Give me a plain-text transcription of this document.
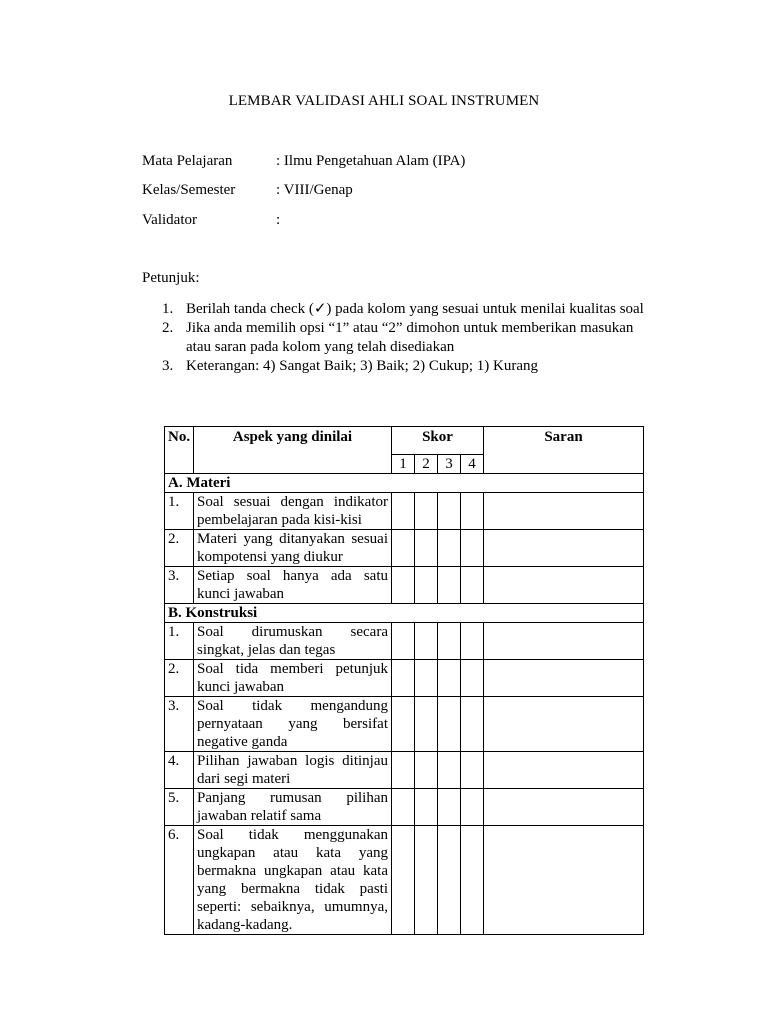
LEMBAR VALIDASI AHLI SOAL INSTRUMEN
Mata Pelajaran	: Ilmu Pengetahuan Alam (IPA)
Kelas/Semester	: VIII/Genap
Validator	:
Petunjuk:
1. Berilah tanda check (✓) pada kolom yang sesuai untuk menilai kualitas soal
2. Jika anda memilih opsi “1” atau “2” dimohon untuk memberikan masukan atau saran pada kolom yang telah disediakan
3. Keterangan: 4) Sangat Baik; 3) Baik; 2) Cukup; 1) Kurang
No.	Aspek yang dinilai	Skor				Saran
		1	2	3	4	
A. Materi						
1.	Soal sesuai dengan indikator pembelajaran pada kisi-kisi					
2.	Materi yang ditanyakan sesuai kompotensi yang diukur					
3.	Setiap soal hanya ada satu kunci jawaban					
B. Konstruksi						
1.	Soal dirumuskan secara singkat, jelas dan tegas					
2.	Soal tida memberi petunjuk kunci jawaban					
3.	Soal tidak mengandung pernyataan yang bersifat negative ganda					
4.	Pilihan jawaban logis ditinjau dari segi materi					
5.	Panjang rumusan pilihan jawaban relatif sama					
6.	Soal tidak menggunakan ungkapan atau kata yang bermakna ungkapan atau kata yang bermakna tidak pasti seperti: sebaiknya, umumnya, kadang-kadang.					
